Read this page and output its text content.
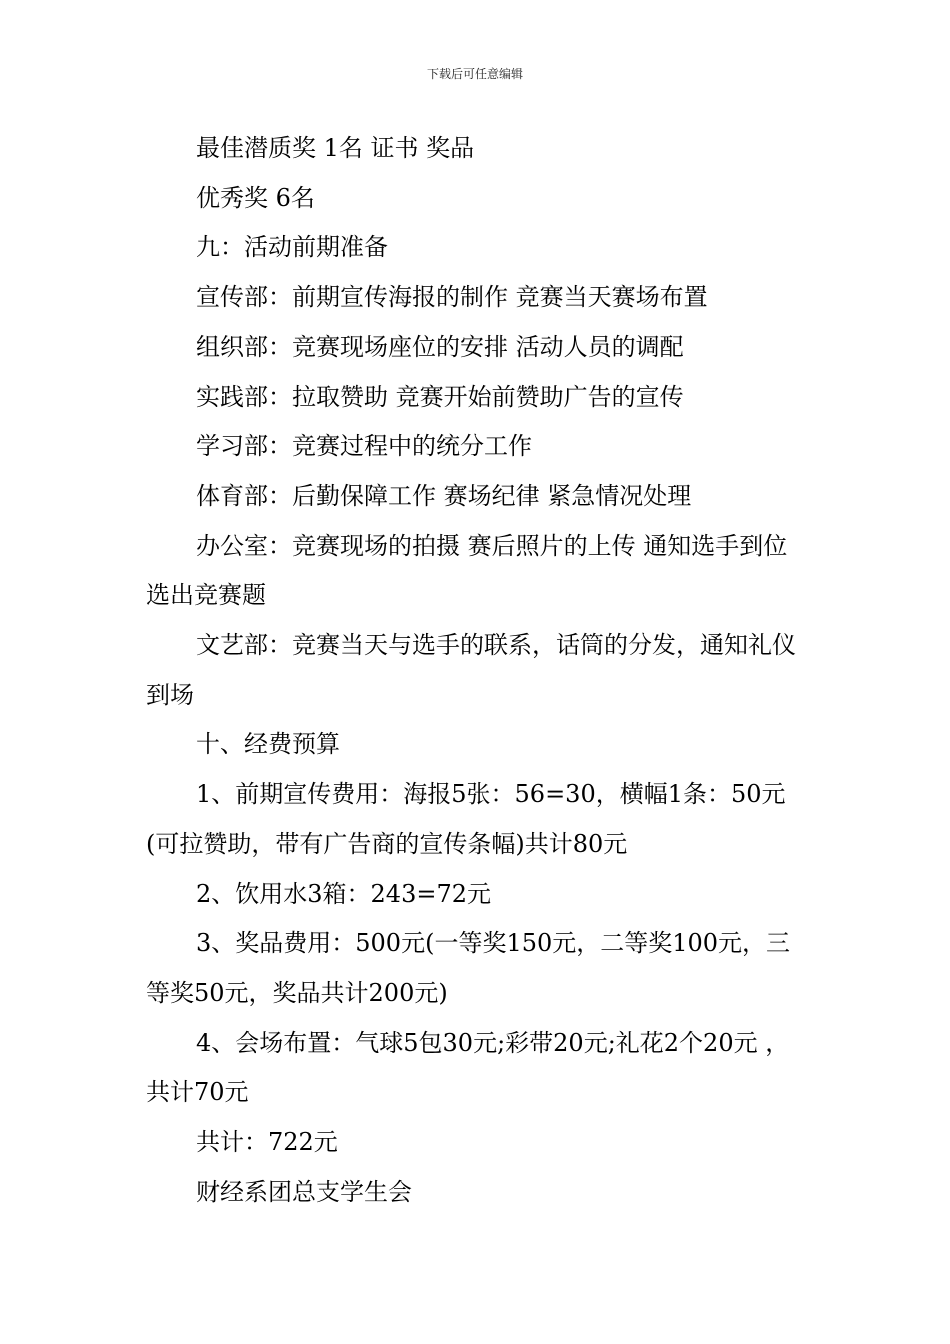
下载后可任意编辑

最佳潜质奖 1名 证书 奖品

优秀奖 6名

九：活动前期准备

宣传部：前期宣传海报的制作 竞赛当天赛场布置

组织部：竞赛现场座位的安排 活动人员的调配

实践部：拉取赞助 竞赛开始前赞助广告的宣传

学习部：竞赛过程中的统分工作

体育部：后勤保障工作 赛场纪律 紧急情况处理

办公室：竞赛现场的拍摄 赛后照片的上传 通知选手到位 选出竞赛题

文艺部：竞赛当天与选手的联系，话筒的分发，通知礼仪到场

十、经费预算

1、前期宣传费用：海报5张：56=30，横幅1条：50元(可拉赞助，带有广告商的宣传条幅)共计80元

2、饮用水3箱：243=72元

3、奖品费用：500元(一等奖150元，二等奖100元，三等奖50元，奖品共计200元)

4、会场布置：气球5包30元;彩带20元;礼花2个20元 ，共计70元

共计：722元

财经系团总支学生会
